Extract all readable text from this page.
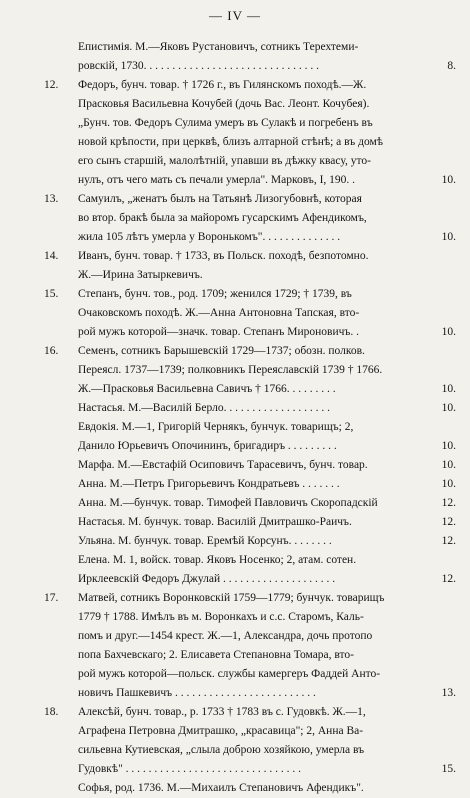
— IV —
Епистимія. М.—Яковъ Рустановичъ, сотникъ Терехтеми-
ровскій, 1730. . . . . . . . . . . . . . . . . . . . . . . . . . . . . . .	8.
12. Федоръ, бунч. товар. † 1726 г., въ Гилянскомъ походѣ.—Ж.
Прасковья Васильевна Кочубей (дочь Вас. Леонт. Кочубея).
„Бунч. тов. Федоръ Сулима умеръ въ Сулакѣ и погребенъ въ
новой крѣпости, при церквѣ, близъ алтарной стѣнѣ; а въ домѣ
его сынъ старшій, малолѣтній, упавши въ дѣжку квасу, уто-
нулъ, отъ чего мать съ печали умерла". Марковъ, I, 190. .	10.
13. Самуилъ, „женатъ былъ на Татьянѣ Лизогубовнѣ, которая
во втор. бракѣ была за майоромъ гусарскимъ Афендикомъ,
жила 105 лѣтъ умерла у Воронькомъ". . . . . . . . . . . . . .	10.
14. Иванъ, бунч. товар. † 1733, въ Польск. походѣ, безпотомно.
Ж.—Ирина Затыркевичъ.
15. Степанъ, бунч. тов., род. 1709; женился 1729; † 1739, въ
Очаковскомъ походѣ. Ж.—Анна Антоновна Тапская, вто-
рой мужъ которой—значк. товар. Степанъ Мироновичъ. .	10.
16. Семенъ, сотникъ Барышевскій 1729—1737; обозн. полков.
Переясл. 1737—1739; полковникъ Переяславскій 1739 † 1766.
Ж.—Прасковья Васильевна Савичъ † 1766. . . . . . . . .	10.
Настасья. М.—Василій Берло. . . . . . . . . . . . . . . . . . .	10.
Евдокія. М.—1, Григорій Чернякъ, бунчук. товарищъ; 2,
Данило Юрьевичъ Опочининъ, бригадиръ . . . . . . . . .	10.
Марфа. М.—Евстафій Осиповичъ Тарасевичъ, бунч. товар.	10.
Анна. М.—Петръ Григорьевичъ Кондратьевъ . . . . . . .	10.
Анна. М.—бунчук. товар. Тимофей Павловичъ Скоропадскій	12.
Настасья. М. бунчук. товар. Василій Дмитрашко-Раичъ.	12.
Ульяна. М. бунчук. товар. Еремѣй Корсунъ. . . . . . . .	12.
Елена. М. 1, войск. товар. Яковъ Носенко; 2, атам. сотен.
Ирклеевскій Федоръ Джулай . . . . . . . . . . . . . . . . . . . .	12.
17. Матвей, сотникъ Воронковскій 1759—1779; бунчук. товарищъ
1779 † 1788. Имѣлъ въ м. Воронкахъ и с.с. Старомъ, Каль-
помъ и друг.—1454 крест. Ж.—1, Александра, дочь протопо
попа Бахчевскаго; 2. Елисавета Степановна Томара, вто-
рой мужъ которой—польск. службы камергеръ Фаддей Анто-
новичъ Пашкевичъ . . . . . . . . . . . . . . . . . . . . . . . . .	13.
18. Алексѣй, бунч. товар., р. 1733 † 1783 въ с. Гудовкѣ. Ж.—1,
Аграфена Петровна Дмитрашко, „красавица"; 2, Анна Ва-
сильевна Кутиевская, „слыла доброю хозяйкою, умерла въ
Гудовкѣ" . . . . . . . . . . . . . . . . . . . . . . . . . . . . . . .	15.
Софья, род. 1736. М.—Михаилъ Степановичъ Афендикъ".
